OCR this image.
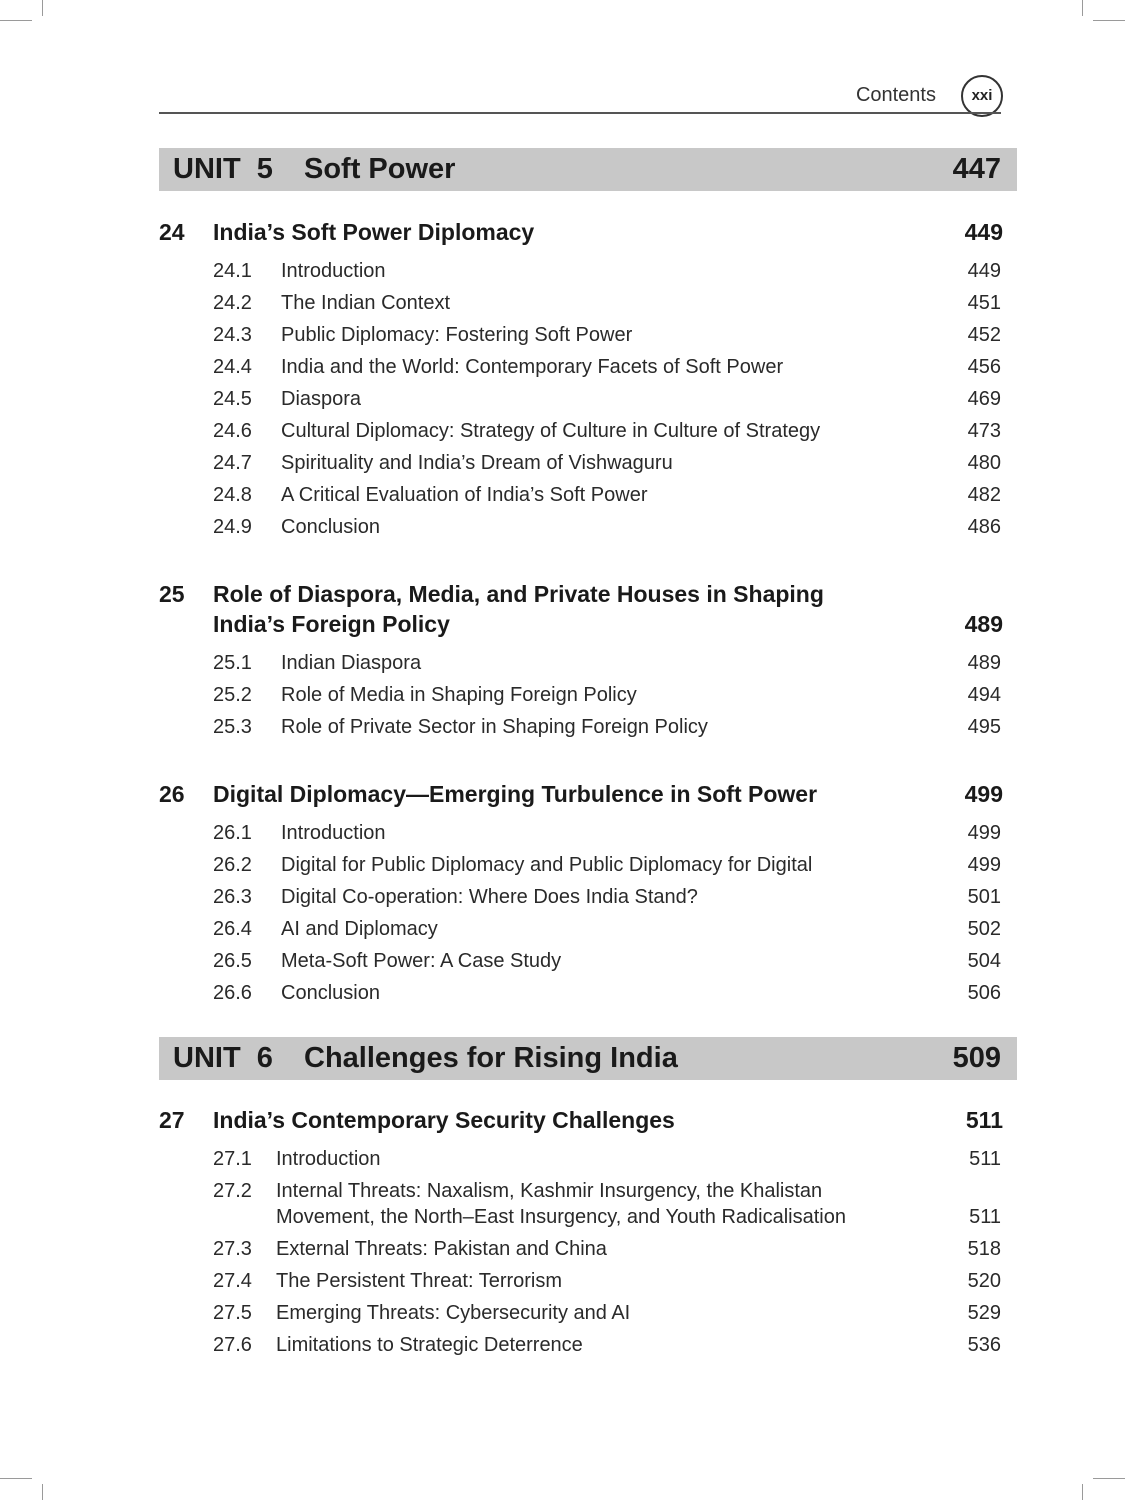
Contents	xxi
UNIT  5 Soft Power	447
24 India’s Soft Power Diplomacy	449
24.1 Introduction	449
24.2 The Indian Context	451
24.3 Public Diplomacy: Fostering Soft Power	452
24.4 India and the World: Contemporary Facets of Soft Power	456
24.5 Diaspora	469
24.6 Cultural Diplomacy: Strategy of Culture in Culture of Strategy	473
24.7 Spirituality and India’s Dream of Vishwaguru	480
24.8 A Critical Evaluation of India’s Soft Power	482
24.9 Conclusion	486
25 Role of Diaspora, Media, and Private Houses in Shaping
India’s Foreign Policy	489
25.1 Indian Diaspora	489
25.2 Role of Media in Shaping Foreign Policy	494
25.3 Role of Private Sector in Shaping Foreign Policy	495
26 Digital Diplomacy—Emerging Turbulence in Soft Power	499
26.1 Introduction	499
26.2 Digital for Public Diplomacy and Public Diplomacy for Digital	499
26.3 Digital Co-operation: Where Does India Stand?	501
26.4 AI and Diplomacy	502
26.5 Meta-Soft Power: A Case Study	504
26.6 Conclusion	506
UNIT  6 Challenges for Rising India	509
27 India’s Contemporary Security Challenges	511
27.1 Introduction	511
27.2 Internal Threats: Naxalism, Kashmir Insurgency, the Khalistan
Movement, the North–East Insurgency, and Youth Radicalisation	511
27.3 External Threats: Pakistan and China	518
27.4 The Persistent Threat: Terrorism	520
27.5 Emerging Threats: Cybersecurity and AI	529
27.6 Limitations to Strategic Deterrence	536
